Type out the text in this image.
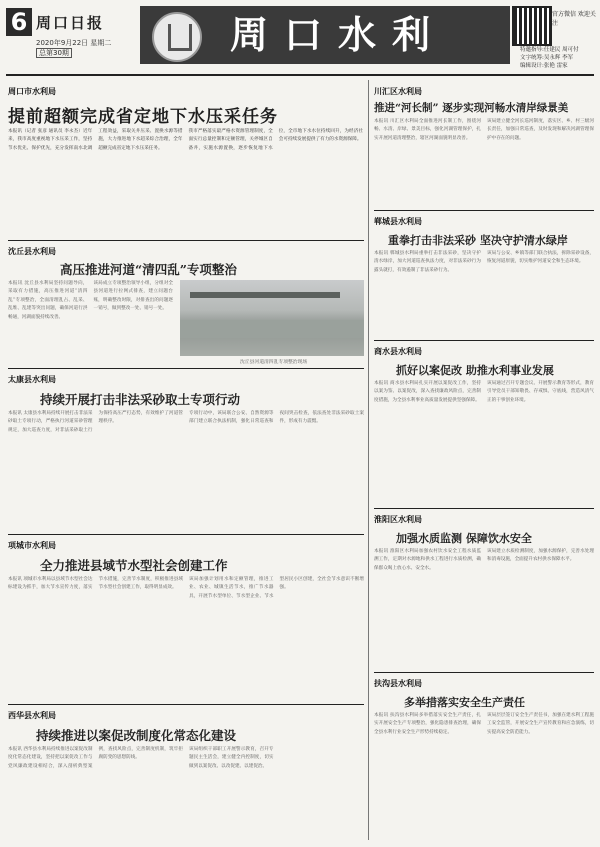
6 周口日报
2020年9月22日 星期二
总第30期	周口水利	官方微信 欢迎关注
特邀指导:任建民 周可付
文字统筹:吴永辉 李军
编辑设计:张艳 雷家
周口市水利局
提前超额完成省定地下水压采任务

本报讯（记者 张彦 通讯员 李永杰）近年来，我市高度重视地下水压采工作，坚持节水优先、保护优先，充分发挥南水北调工程效益，采取关井压采、置换水源等措施，大力推进地下水超采综合治理，全年超额完成省定地下水压采任务。

我市严格落实最严格水资源管理制度，全面实行总量控制和定额管理，关停城区自备井，实施水源置换，逐步恢复地下水位，全市地下水水位持续回升，为经济社会可持续发展提供了有力的水资源保障。

沈丘县水利局
高压推进河道“清四乱”专项整治

本报讯 沈丘县水利局坚持问题导向，采取有力措施，高压推进河道“清四乱”专项整治，全面清理乱占、乱采、乱堆、乱建等突出问题，确保河道行洪畅通，河湖面貌持续改善。

该局成立专项整治领导小组，分组对全县河道进行拉网式排查，建立问题台账，明确整改时限，对排查出的问题逐一销号，做到整改一处、销号一处。

沈丘县河道清四乱专项整治现场
太康县水利局
持续开展打击非法采砂取土专项行动

本报讯 太康县水利局持续开展打击非法采砂取土专项行动，严格执行河道采砂管理规定，加大巡查力度，对非法采砂取土行为保持高压严打态势，有效维护了河道管理秩序。

专项行动中，该局联合公安、自然资源等部门建立联合执法机制，强化日常巡查和夜间突击检查，依法查处非法采砂取土案件，形成有力震慑。

项城市水利局
全力推进县域节水型社会创建工作

本报讯 项城市水利局以县域节水型社会达标建设为抓手，加大节水宣传力度，落实节水措施，完善节水制度，积极推进县域节水型社会创建工作，取得明显成效。

该局加强计划用水和定额管理，推进工业、农业、城镇生活节水，推广节水器具，开展节水型单位、节水型企业、节水型居民小区创建，全社会节水意识不断增强。

西华县水利局
持续推进以案促改制度化常态化建设

本报讯 西华县水利局持续推进以案促改制度化常态化建设，坚持把以案促改工作与党风廉政建设相结合，深入剖析典型案例，查找风险点，完善制度机制，筑牢拒腐防变的思想防线。

该局组织干部职工开展警示教育，召开专题民主生活会，建立健全内控制度，切实做到以案促改、以改促建、以建促治。

川汇区水利局
推进“河长制” 逐步实现河畅水清岸绿景美

本报讯 川汇区水利局全面推进河长制工作，围绕河畅、水清、岸绿、景美目标，强化河湖管理保护，扎实开展河道清理整治，辖区河湖面貌明显改善。

该局建立健全河长巡河制度，落实区、乡、村三级河长责任，加强日常巡查，及时发现和解决河湖管理保护中存在的问题。

郸城县水利局
重拳打击非法采砂 坚决守护清水绿岸

本报讯 郸城县水利局重拳打击非法采砂，坚决守护清水绿岸，加大河道巡查执法力度，对非法采砂行为露头就打，有效遏制了非法采砂行为。

该局与公安、乡镇等部门联合执法，拆除采砂设备，恢复河道原貌，切实维护河道安全和生态环境。

商水县水利局
抓好以案促改 助推水利事业发展

本报讯 商水县水利局扎实开展以案促改工作，坚持以案为鉴、以案促改，深入查找廉政风险点，完善制度措施，为全县水利事业高质量发展提供坚强保障。

该局通过召开专题会议、开展警示教育等形式，教育引导党员干部知敬畏、存戒惧、守底线，营造风清气正的干事创业环境。

淮阳区水利局
加强水质监测 保障饮水安全

本报讯 淮阳区水利局加强农村饮水安全工程水质监测工作，定期对水源地和供水工程进行水质检测，确保群众喝上放心水、安全水。

该局建立水质检测制度，加强水源保护，完善水处理和消毒设施，全面提升农村供水保障水平。

扶沟县水利局
多举措落实安全生产责任

本报讯 扶沟县水利局多举措落实安全生产责任，扎实开展安全生产专项整治，强化隐患排查治理，确保全县水利行业安全生产形势持续稳定。

该局层层签订安全生产责任书，加强在建水利工程施工安全监管，开展安全生产宣传教育和应急演练，切实提高安全防范能力。
